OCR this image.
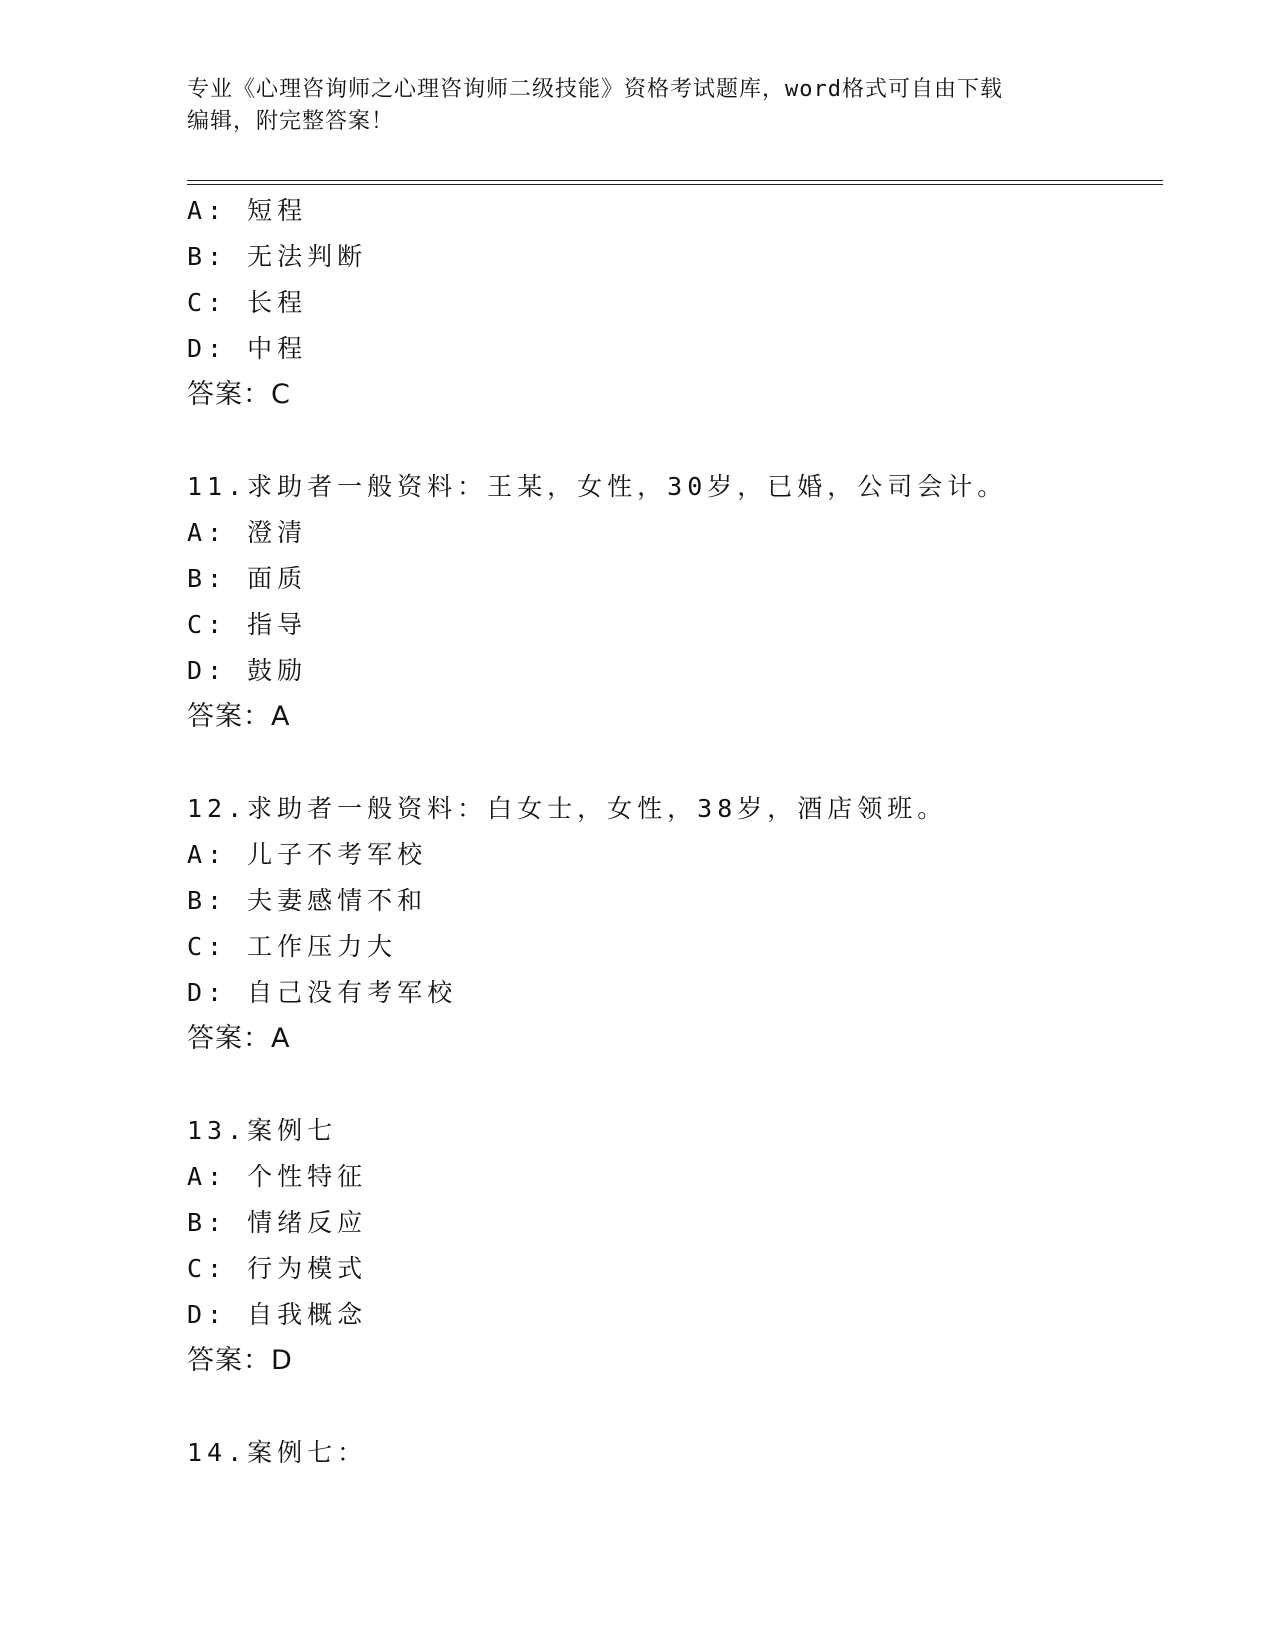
专业《心理咨询师之心理咨询师二级技能》资格考试题库，word格式可自由下载
编辑，附完整答案！
A: 短程
B: 无法判断
C: 长程
D: 中程
答案：C
11.求助者一般资料：王某，女性，30岁，已婚，公司会计。
A: 澄清
B: 面质
C: 指导
D: 鼓励
答案：A
12.求助者一般资料：白女士，女性，38岁，酒店领班。
A: 儿子不考军校
B: 夫妻感情不和
C: 工作压力大
D: 自己没有考军校
答案：A
13.案例七
A: 个性特征
B: 情绪反应
C: 行为模式
D: 自我概念
答案：D
14.案例七：
